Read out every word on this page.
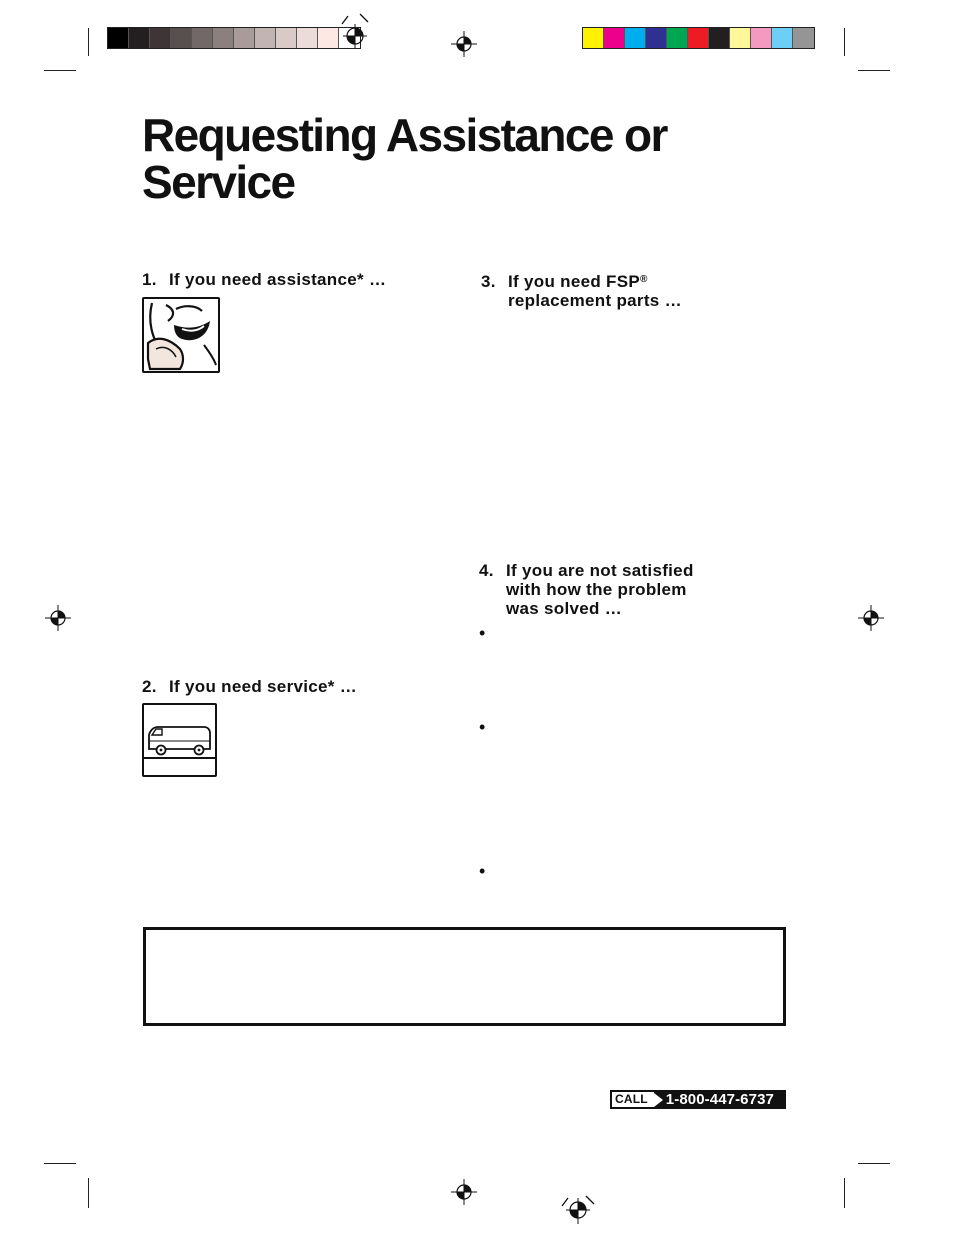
Requesting Assistance or
Service
1. If you need assistance* …
2. If you need service* …
3. If you need FSP®
replacement parts …
4. If you are not satisfied
with how the problem
was solved …
•
•
•
CALL	1-800-447-6737
